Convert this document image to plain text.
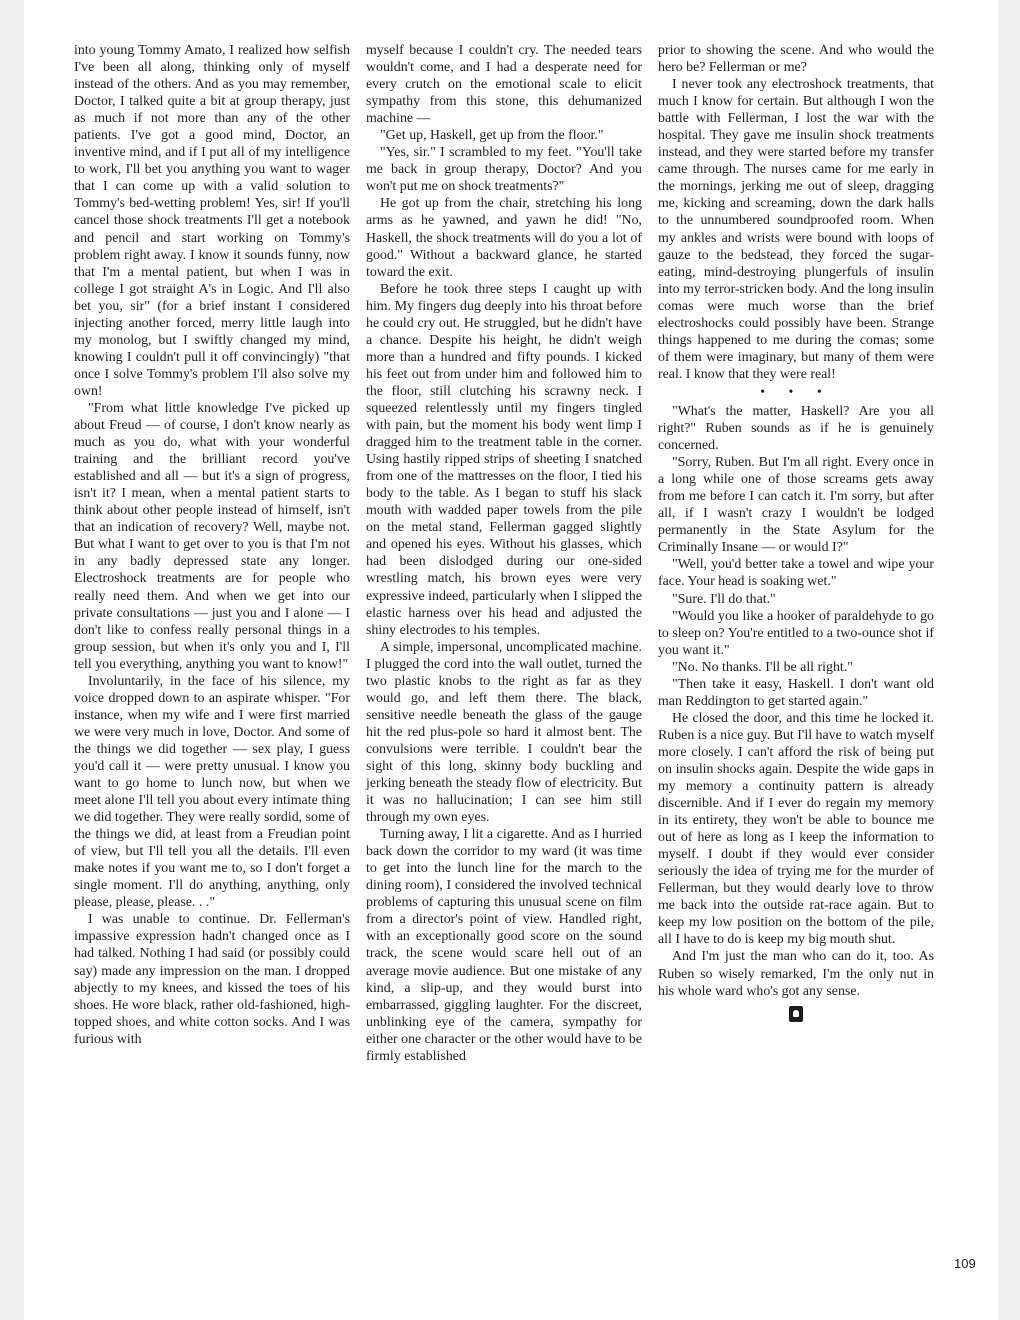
into young Tommy Amato, I realized how selfish I've been all along, thinking only of myself instead of the others. And as you may remember, Doctor, I talked quite a bit at group therapy, just as much if not more than any of the other patients. I've got a good mind, Doctor, an inventive mind, and if I put all of my intelligence to work, I'll bet you anything you want to wager that I can come up with a valid solution to Tommy's bed-wetting problem! Yes, sir! If you'll cancel those shock treatments I'll get a notebook and pencil and start working on Tommy's problem right away. I know it sounds funny, now that I'm a mental patient, but when I was in college I got straight A's in Logic. And I'll also bet you, sir" (for a brief instant I considered injecting another forced, merry little laugh into my monolog, but I swiftly changed my mind, knowing I couldn't pull it off convincingly) "that once I solve Tommy's problem I'll also solve my own!

"From what little knowledge I've picked up about Freud — of course, I don't know nearly as much as you do, what with your wonderful training and the brilliant record you've established and all — but it's a sign of progress, isn't it? I mean, when a mental patient starts to think about other people instead of himself, isn't that an indication of recovery? Well, maybe not. But what I want to get over to you is that I'm not in any badly depressed state any longer. Electroshock treatments are for people who really need them. And when we get into our private consultations — just you and I alone — I don't like to confess really personal things in a group session, but when it's only you and I, I'll tell you everything, anything you want to know!"

Involuntarily, in the face of his silence, my voice dropped down to an aspirate whisper. "For instance, when my wife and I were first married we were very much in love, Doctor. And some of the things we did together — sex play, I guess you'd call it — were pretty unusual. I know you want to go home to lunch now, but when we meet alone I'll tell you about every intimate thing we did together. They were really sordid, some of the things we did, at least from a Freudian point of view, but I'll tell you all the details. I'll even make notes if you want me to, so I don't forget a single moment. I'll do anything, anything, only please, please, please. . ."

I was unable to continue. Dr. Fellerman's impassive expression hadn't changed once as I had talked. Nothing I had said (or possibly could say) made any impression on the man. I dropped abjectly to my knees, and kissed the toes of his shoes. He wore black, rather old-fashioned, high-topped shoes, and white cotton socks. And I was furious with

myself because I couldn't cry. The needed tears wouldn't come, and I had a desperate need for every crutch on the emotional scale to elicit sympathy from this stone, this dehumanized machine —

"Get up, Haskell, get up from the floor."

"Yes, sir." I scrambled to my feet. "You'll take me back in group therapy, Doctor? And you won't put me on shock treatments?"

He got up from the chair, stretching his long arms as he yawned, and yawn he did! "No, Haskell, the shock treatments will do you a lot of good." Without a backward glance, he started toward the exit.

Before he took three steps I caught up with him. My fingers dug deeply into his throat before he could cry out. He struggled, but he didn't have a chance. Despite his height, he didn't weigh more than a hundred and fifty pounds. I kicked his feet out from under him and followed him to the floor, still clutching his scrawny neck. I squeezed relentlessly until my fingers tingled with pain, but the moment his body went limp I dragged him to the treatment table in the corner. Using hastily ripped strips of sheeting I snatched from one of the mattresses on the floor, I tied his body to the table. As I began to stuff his slack mouth with wadded paper towels from the pile on the metal stand, Fellerman gagged slightly and opened his eyes. Without his glasses, which had been dislodged during our one-sided wrestling match, his brown eyes were very expressive indeed, particularly when I slipped the elastic harness over his head and adjusted the shiny electrodes to his temples.

A simple, impersonal, uncomplicated machine. I plugged the cord into the wall outlet, turned the two plastic knobs to the right as far as they would go, and left them there. The black, sensitive needle beneath the glass of the gauge hit the red plus-pole so hard it almost bent. The convulsions were terrible. I couldn't bear the sight of this long, skinny body buckling and jerking beneath the steady flow of electricity. But it was no hallucination; I can see him still through my own eyes.

Turning away, I lit a cigarette. And as I hurried back down the corridor to my ward (it was time to get into the lunch line for the march to the dining room), I considered the involved technical problems of capturing this unusual scene on film from a director's point of view. Handled right, with an exceptionally good score on the sound track, the scene would scare hell out of an average movie audience. But one mistake of any kind, a slip-up, and they would burst into embarrassed, giggling laughter. For the discreet, unblinking eye of the camera, sympathy for either one character or the other would have to be firmly established

prior to showing the scene. And who would the hero be? Fellerman or me?

I never took any electroshock treatments, that much I know for certain. But although I won the battle with Fellerman, I lost the war with the hospital. They gave me insulin shock treatments instead, and they were started before my transfer came through. The nurses came for me early in the mornings, jerking me out of sleep, dragging me, kicking and screaming, down the dark halls to the unnumbered soundproofed room. When my ankles and wrists were bound with loops of gauze to the bedstead, they forced the sugar-eating, mind-destroying plungerfuls of insulin into my terror-stricken body. And the long insulin comas were much worse than the brief electroshocks could possibly have been. Strange things happened to me during the comas; some of them were imaginary, but many of them were real. I know that they were real!

• • •

"What's the matter, Haskell? Are you all right?" Ruben sounds as if he is genuinely concerned.

"Sorry, Ruben. But I'm all right. Every once in a long while one of those screams gets away from me before I can catch it. I'm sorry, but after all, if I wasn't crazy I wouldn't be lodged permanently in the State Asylum for the Criminally Insane — or would I?"

"Well, you'd better take a towel and wipe your face. Your head is soaking wet."

"Sure. I'll do that."

"Would you like a hooker of paraldehyde to go to sleep on? You're entitled to a two-ounce shot if you want it."

"No. No thanks. I'll be all right."

"Then take it easy, Haskell. I don't want old man Reddington to get started again."

He closed the door, and this time he locked it. Ruben is a nice guy. But I'll have to watch myself more closely. I can't afford the risk of being put on insulin shocks again. Despite the wide gaps in my memory a continuity pattern is already discernible. And if I ever do regain my memory in its entirety, they won't be able to bounce me out of here as long as I keep the information to myself. I doubt if they would ever consider seriously the idea of trying me for the murder of Fellerman, but they would dearly love to throw me back into the outside rat-race again. But to keep my low position on the bottom of the pile, all I have to do is keep my big mouth shut.

And I'm just the man who can do it, too. As Ruben so wisely remarked, I'm the only nut in his whole ward who's got any sense.

109
